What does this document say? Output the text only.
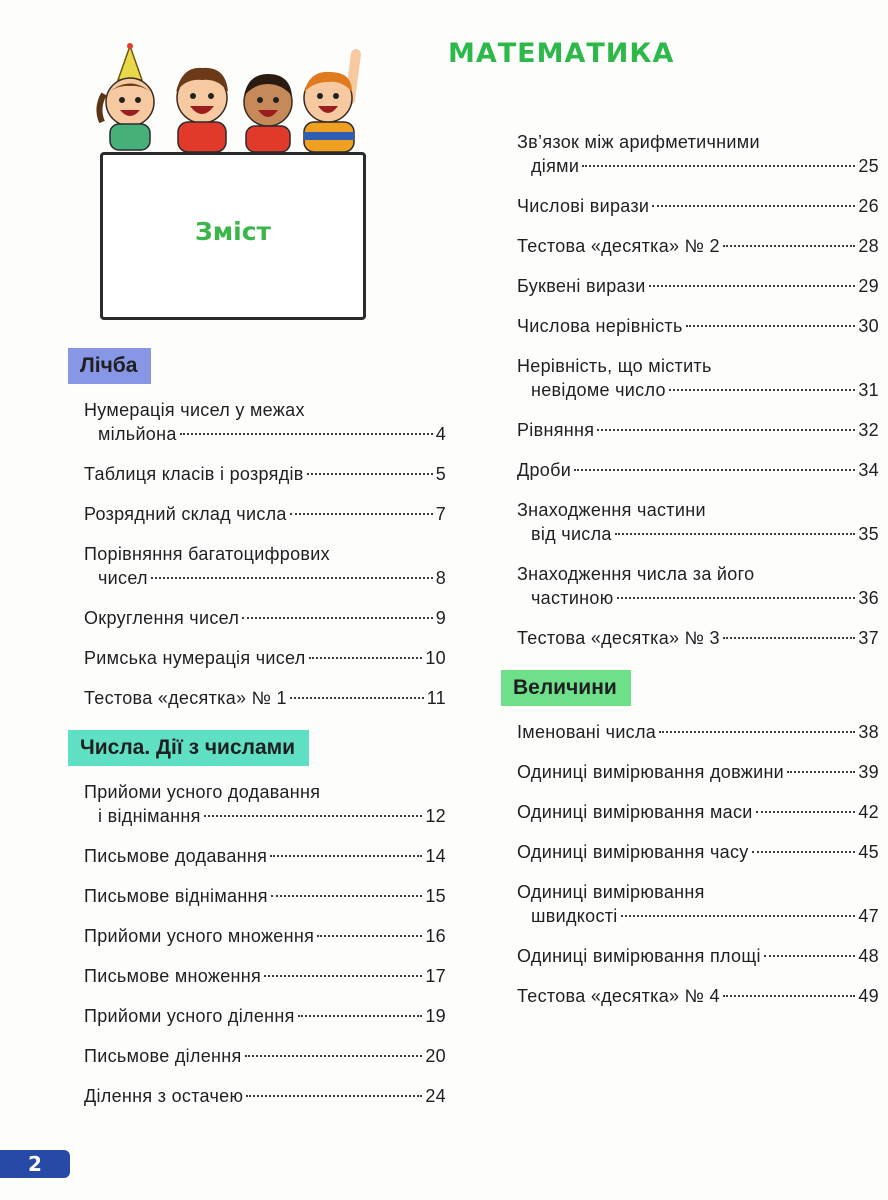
МАТЕМАТИКА
Зміст
Лічба
Нумерація чисел у межах
мільйона	4
Таблиця класів і розрядів	5
Розрядний склад числа	7
Порівняння багатоцифрових
чисел	8
Округлення чисел	9
Римська нумерація чисел	10
Тестова «десятка» № 1	11
Числа. Дії з числами
Прийоми усного додавання
і віднімання	12
Письмове додавання	14
Письмове віднімання	15
Прийоми усного множення	16
Письмове множення	17
Прийоми усного ділення	19
Письмове ділення	20
Ділення з остачею	24
Зв’язок між арифметичними
діями	25
Числові вирази	26
Тестова «десятка» № 2	28
Буквені вирази	29
Числова нерівність	30
Нерівність, що містить
невідоме число	31
Рівняння	32
Дроби	34
Знаходження частини
від числа	35
Знаходження числа за його
частиною	36
Тестова «десятка» № 3	37
Величини
Іменовані числа	38
Одиниці вимірювання довжини	39
Одиниці вимірювання маси	42
Одиниці вимірювання часу	45
Одиниці вимірювання
швидкості	47
Одиниці вимірювання площі	48
Тестова «десятка» № 4	49
2
